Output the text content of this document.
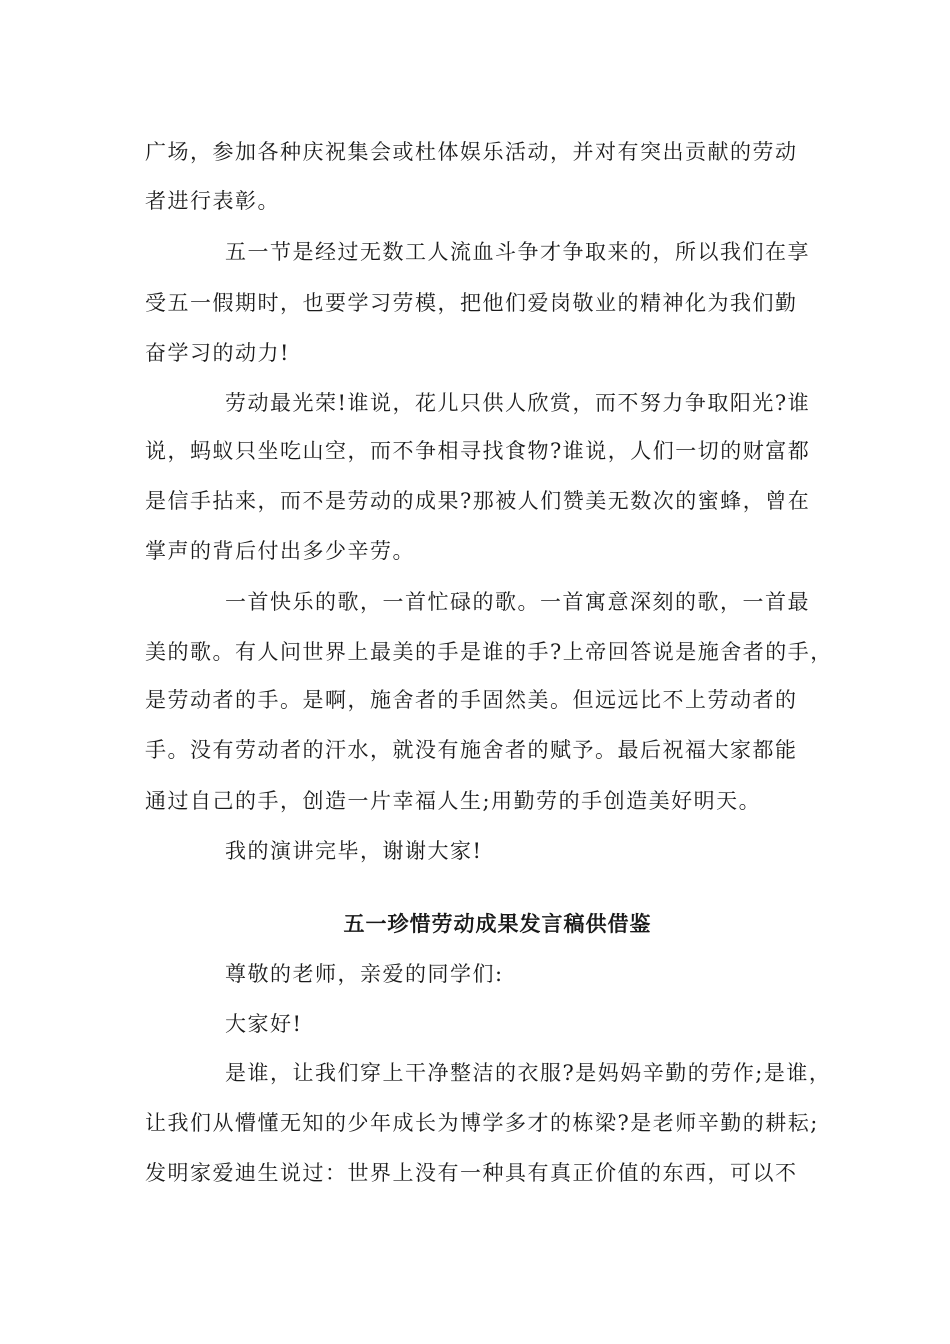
广场，参加各种庆祝集会或杜体娱乐活动，并对有突出贡献的劳动

者进行表彰。

五一节是经过无数工人流血斗争才争取来的，所以我们在享

受五一假期时，也要学习劳模，把他们爱岗敬业的精神化为我们勤

奋学习的动力!

劳动最光荣!谁说，花儿只供人欣赏，而不努力争取阳光?谁

说，蚂蚁只坐吃山空，而不争相寻找食物?谁说，人们一切的财富都

是信手拈来，而不是劳动的成果?那被人们赞美无数次的蜜蜂，曾在

掌声的背后付出多少辛劳。

一首快乐的歌，一首忙碌的歌。一首寓意深刻的歌，一首最

美的歌。有人问世界上最美的手是谁的手?上帝回答说是施舍者的手，

是劳动者的手。是啊，施舍者的手固然美。但远远比不上劳动者的

手。没有劳动者的汗水，就没有施舍者的赋予。最后祝福大家都能

通过自己的手，创造一片幸福人生;用勤劳的手创造美好明天。

我的演讲完毕，谢谢大家!

五一珍惜劳动成果发言稿供借鉴

尊敬的老师，亲爱的同学们:

大家好!

是谁，让我们穿上干净整洁的衣服?是妈妈辛勤的劳作;是谁，

让我们从懵懂无知的少年成长为博学多才的栋梁?是老师辛勤的耕耘;

发明家爱迪生说过：世界上没有一种具有真正价值的东西，可以不
